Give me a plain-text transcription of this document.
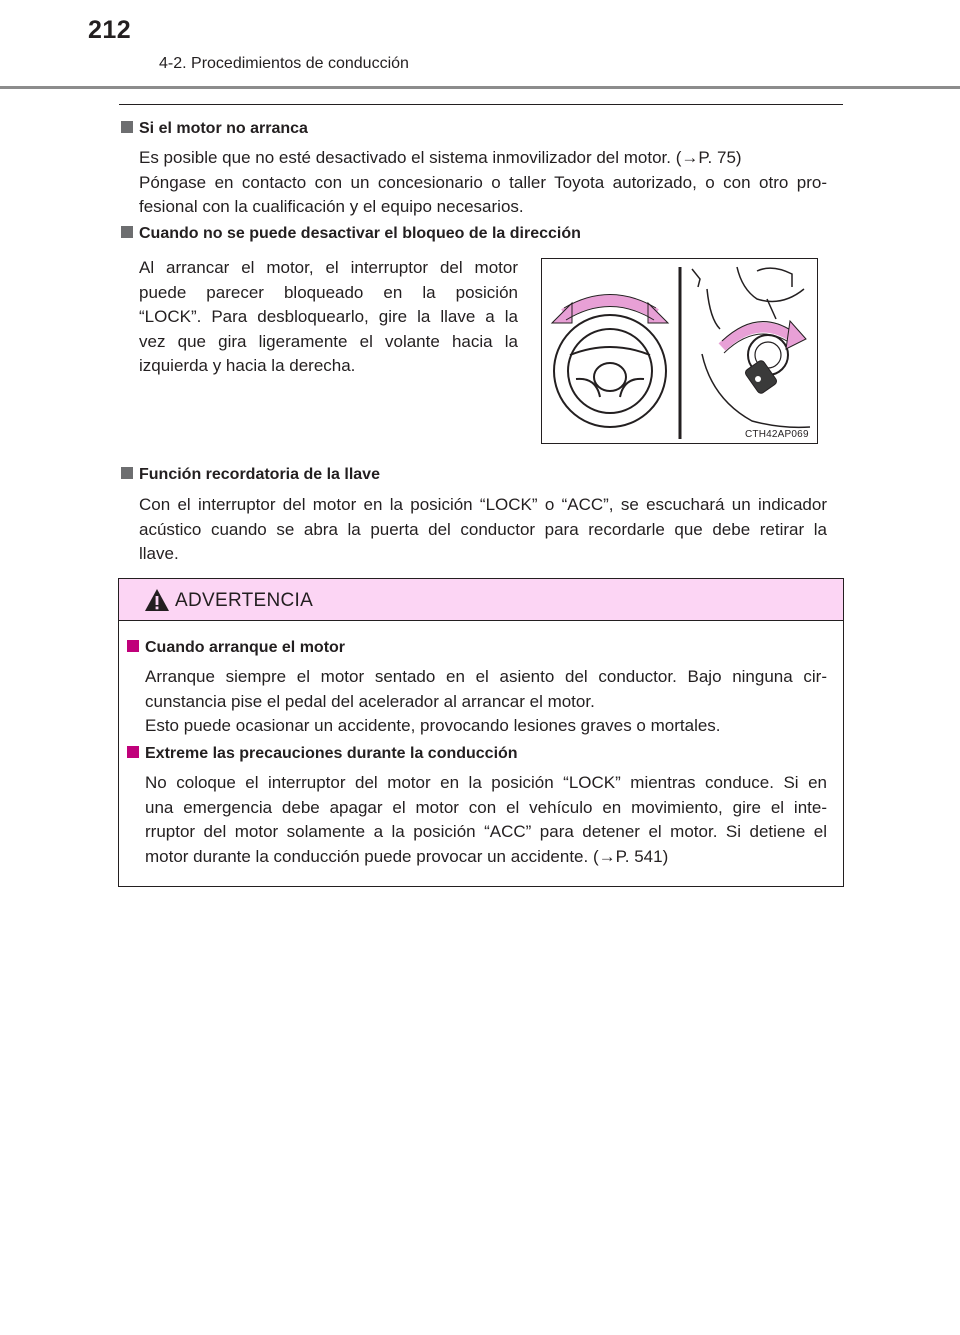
212
4-2. Procedimientos de conducción
Si el motor no arranca
Es posible que no esté desactivado el sistema inmovilizador del motor. (→P. 75)
Póngase en contacto con un concesionario o taller Toyota autorizado, o con otro pro-
fesional con la cualificación y el equipo necesarios.
Cuando no se puede desactivar el bloqueo de la dirección
Al arrancar el motor, el interruptor del motor
puede parecer bloqueado en la posición
“LOCK”. Para desbloquearlo, gire la llave a la
vez que gira ligeramente el volante hacia la
izquierda y hacia la derecha.
CTH42AP069
Función recordatoria de la llave
Con el interruptor del motor en la posición “LOCK” o “ACC”, se escuchará un indicador
acústico cuando se abra la puerta del conductor para recordarle que debe retirar la
llave.
ADVERTENCIA
Cuando arranque el motor
Arranque siempre el motor sentado en el asiento del conductor. Bajo ninguna cir-
cunstancia pise el pedal del acelerador al arrancar el motor.
Esto puede ocasionar un accidente, provocando lesiones graves o mortales.
Extreme las precauciones durante la conducción
No coloque el interruptor del motor en la posición “LOCK” mientras conduce. Si en
una emergencia debe apagar el motor con el vehículo en movimiento, gire el inte-
rruptor del motor solamente a la posición “ACC” para detener el motor. Si detiene el
motor durante la conducción puede provocar un accidente. (→P. 541)
